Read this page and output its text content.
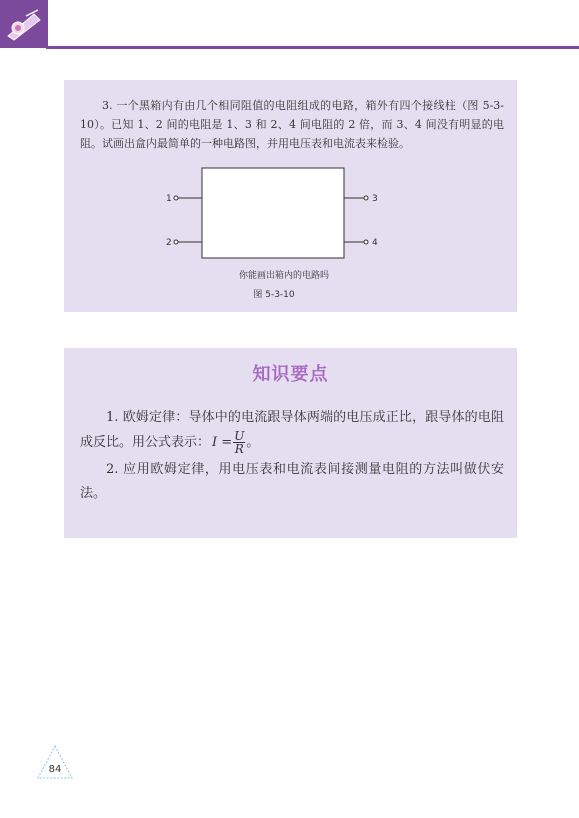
3. 一个黑箱内有由几个相同阻值的电阻组成的电路，箱外有四个接线柱（图 5-3-10）。已知 1、2 间的电阻是 1、3 和 2、4 间电阻的 2 倍，而 3、4 间没有明显的电阻。试画出盒内最简单的一种电路图，并用电压表和电流表来检验。
1
2
3
4
你能画出箱内的电路吗
图 5-3-10
知识要点
1. 欧姆定律：导体中的电流跟导体两端的电压成正比，跟导体的电阻成反比。用公式表示： $I = \frac{U}{R}$ 。
2. 应用欧姆定律，用电压表和电流表间接测量电阻的方法叫做伏安法。
84
